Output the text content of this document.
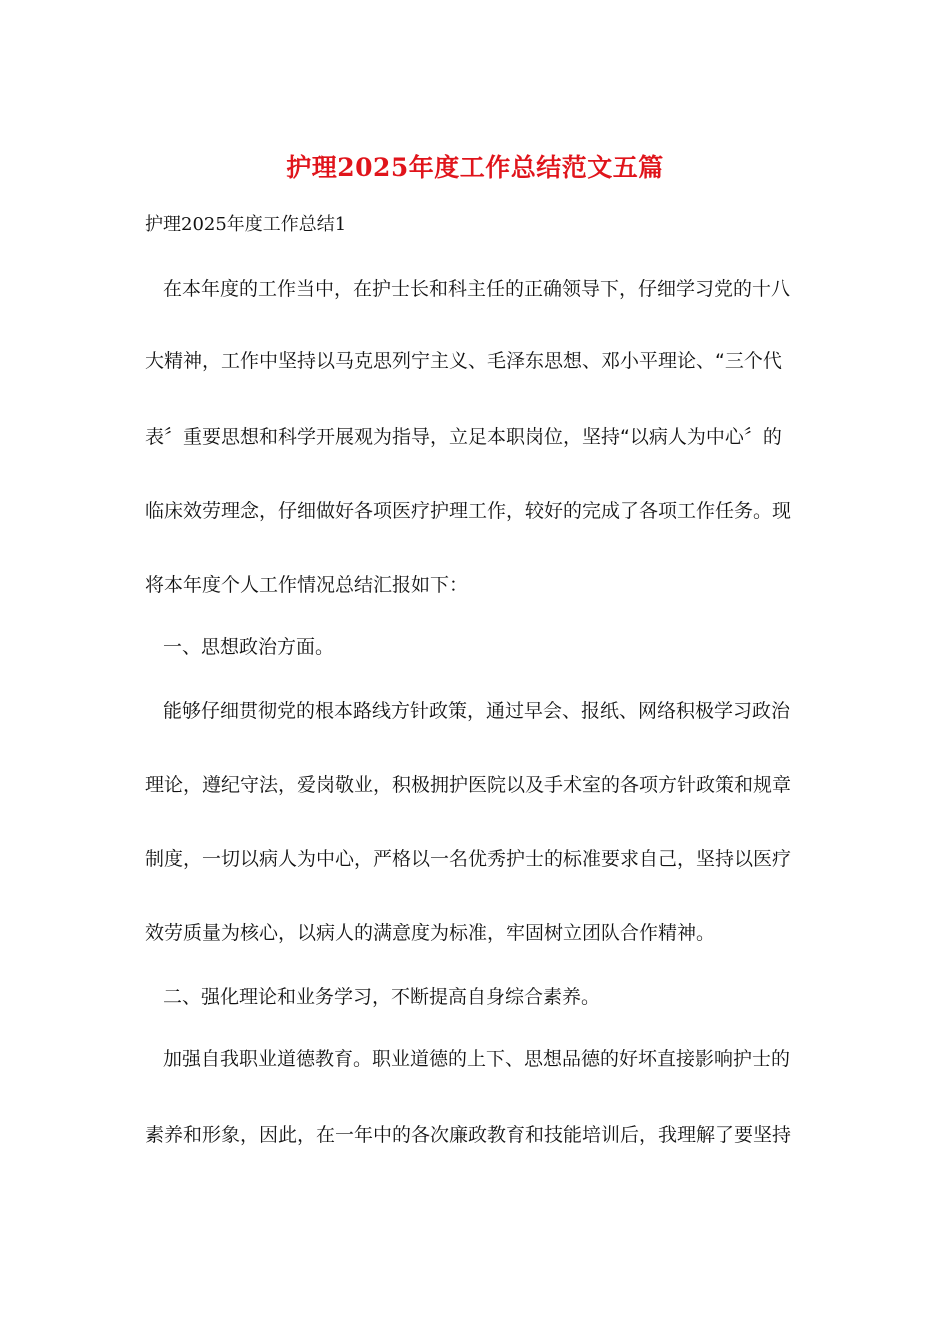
护理2025年度工作总结范文五篇
护理2025年度工作总结1
在本年度的工作当中，在护士长和科主任的正确领导下，仔细学习党的十八
大精神，工作中坚持以马克思列宁主义、毛泽东思想、邓小平理论、“三个代
表〞重要思想和科学开展观为指导，立足本职岗位，坚持“以病人为中心〞的
临床效劳理念，仔细做好各项医疗护理工作，较好的完成了各项工作任务。现
将本年度个人工作情况总结汇报如下：
一、思想政治方面。
能够仔细贯彻党的根本路线方针政策，通过早会、报纸、网络积极学习政治
理论，遵纪守法，爱岗敬业，积极拥护医院以及手术室的各项方针政策和规章
制度，一切以病人为中心，严格以一名优秀护士的标准要求自己，坚持以医疗
效劳质量为核心，以病人的满意度为标准，牢固树立团队合作精神。
二、强化理论和业务学习，不断提高自身综合素养。
加强自我职业道德教育。职业道德的上下、思想品德的好坏直接影响护士的
素养和形象，因此，在一年中的各次廉政教育和技能培训后，我理解了要坚持
